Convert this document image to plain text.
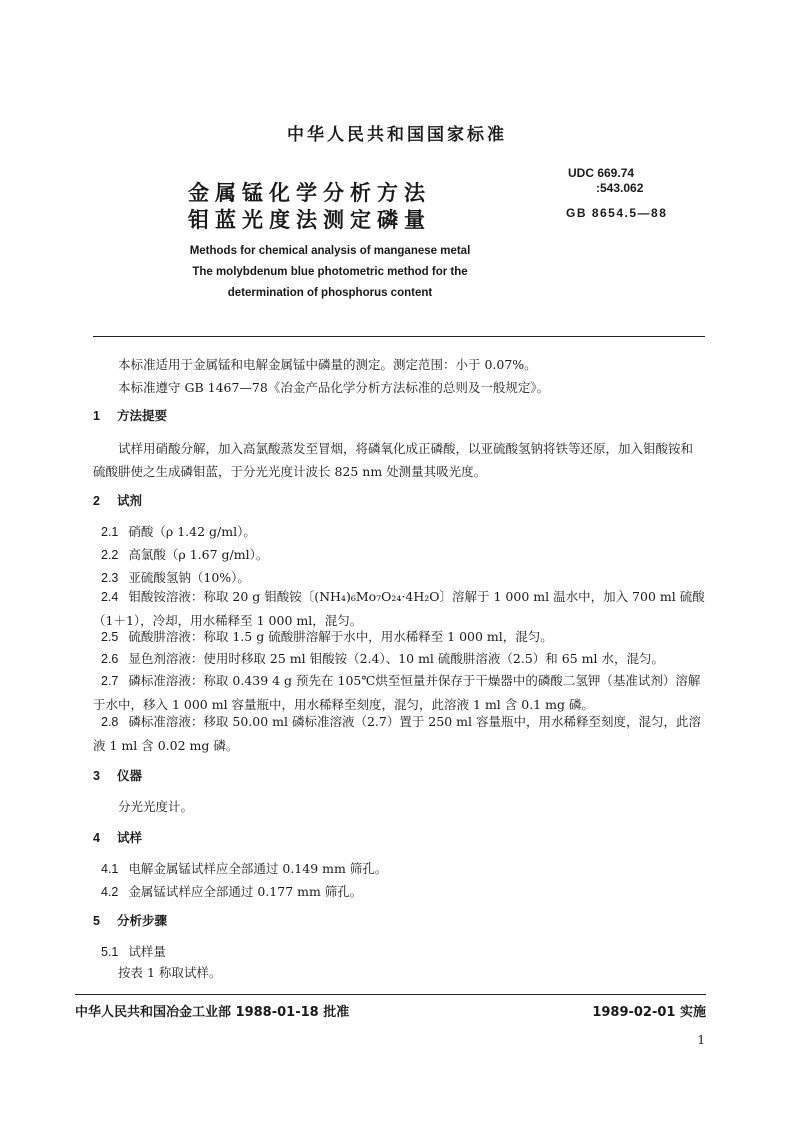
中华人民共和国国家标准
金属锰化学分析方法
钼蓝光度法测定磷量
UDC 669.74
:543.062
GB 8654.5—88
Methods for chemical analysis of manganese metal
The molybdenum blue photometric method for the
determination of phosphorus content
本标准适用于金属锰和电解金属锰中磷量的测定。测定范围：小于 0.07%。
本标准遵守 GB 1467—78《冶金产品化学分析方法标准的总则及一般规定》。
1 方法提要
试样用硝酸分解，加入高氯酸蒸发至冒烟，将磷氧化成正磷酸，以亚硫酸氢钠将铁等还原，加入钼酸铵和硫酸肼使之生成磷钼蓝，于分光光度计波长 825 nm 处测量其吸光度。
2 试剂
2.1 硝酸（ρ 1.42 g/ml）。
2.2 高氯酸（ρ 1.67 g/ml）。
2.3 亚硫酸氢钠（10%）。
2.4 钼酸铵溶液：称取 20 g 钼酸铵〔(NH₄)₆Mo₇O₂₄·4H₂O〕溶解于 1 000 ml 温水中，加入 700 ml 硫酸（1＋1），冷却，用水稀释至 1 000 ml，混匀。
2.5 硫酸肼溶液：称取 1.5 g 硫酸肼溶解于水中，用水稀释至 1 000 ml，混匀。
2.6 显色剂溶液：使用时移取 25 ml 钼酸铵（2.4）、10 ml 硫酸肼溶液（2.5）和 65 ml 水，混匀。
2.7 磷标准溶液：称取 0.439 4 g 预先在 105℃烘至恒量并保存于干燥器中的磷酸二氢钾（基准试剂）溶解于水中，移入 1 000 ml 容量瓶中，用水稀释至刻度，混匀，此溶液 1 ml 含 0.1 mg 磷。
2.8 磷标准溶液：移取 50.00 ml 磷标准溶液（2.7）置于 250 ml 容量瓶中，用水稀释至刻度，混匀，此溶液 1 ml 含 0.02 mg 磷。
3 仪器
分光光度计。
4 试样
4.1 电解金属锰试样应全部通过 0.149 mm 筛孔。
4.2 金属锰试样应全部通过 0.177 mm 筛孔。
5 分析步骤
5.1 试样量
按表 1 称取试样。
中华人民共和国冶金工业部 1988-01-18 批准	1989-02-01 实施
1
